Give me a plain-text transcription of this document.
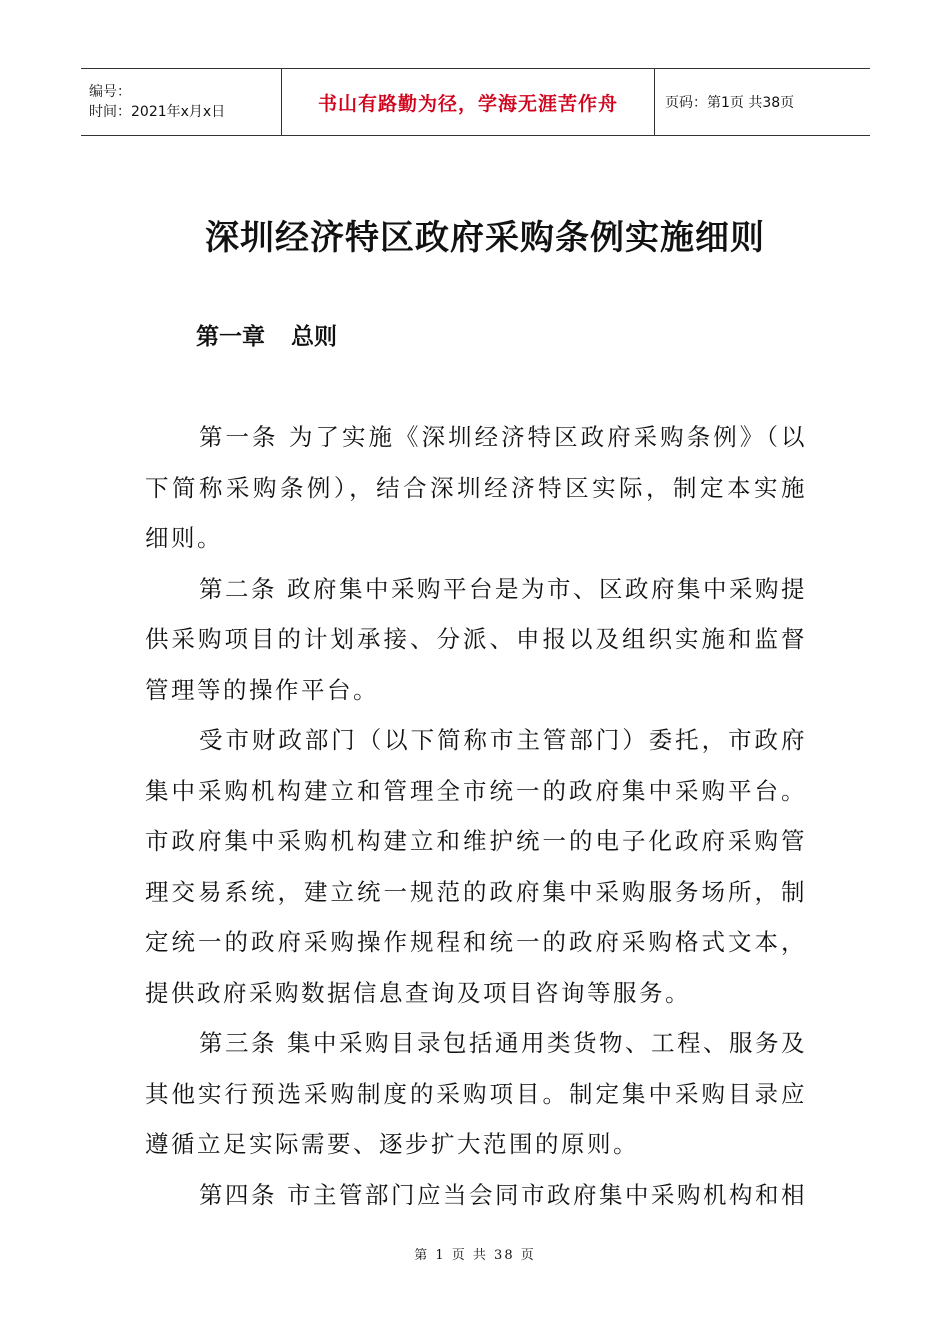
编号：
时间：2021年x月x日	书山有路勤为径，学海无涯苦作舟	页码：第1页 共38页
深圳经济特区政府采购条例实施细则
第一章 总则

第一条 为了实施《深圳经济特区政府采购条例》（以
下简称采购条例），结合深圳经济特区实际，制定本实施
细则。

第二条 政府集中采购平台是为市、区政府集中采购提
供采购项目的计划承接、分派、申报以及组织实施和监督
管理等的操作平台。

受市财政部门（以下简称市主管部门）委托，市政府
集中采购机构建立和管理全市统一的政府集中采购平台。
市政府集中采购机构建立和维护统一的电子化政府采购管
理交易系统，建立统一规范的政府集中采购服务场所，制
定统一的政府采购操作规程和统一的政府采购格式文本，
提供政府采购数据信息查询及项目咨询等服务。

第三条 集中采购目录包括通用类货物、工程、服务及
其他实行预选采购制度的采购项目。制定集中采购目录应
遵循立足实际需要、逐步扩大范围的原则。

第四条 市主管部门应当会同市政府集中采购机构和相

第 1 页 共 38 页
